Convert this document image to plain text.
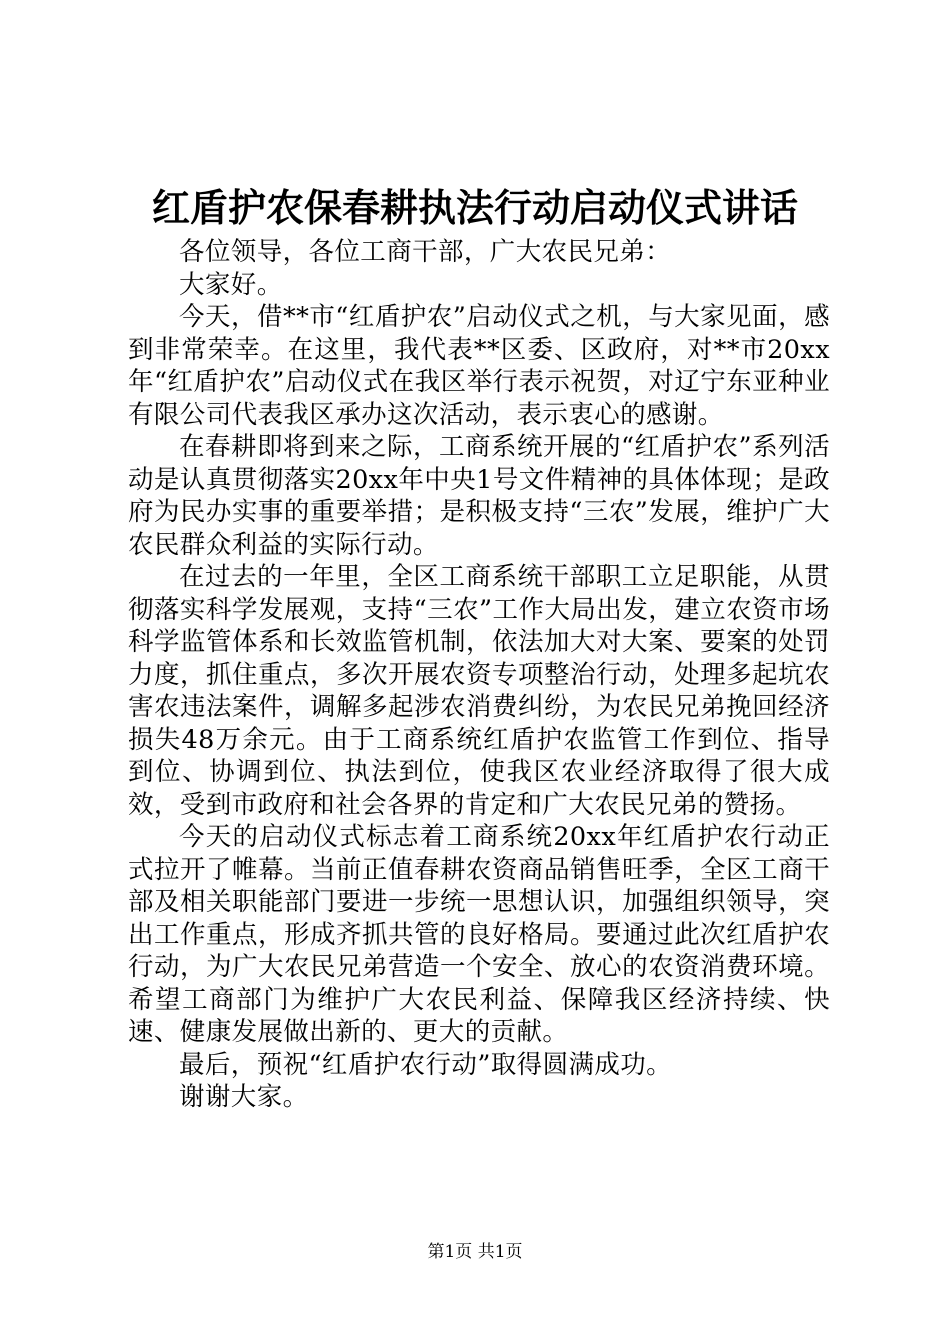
红盾护农保春耕执法行动启动仪式讲话

各位领导，各位工商干部，广大农民兄弟：

大家好。

今天，借**市“红盾护农”启动仪式之机，与大家见面，感到非常荣幸。在这里，我代表**区委、区政府，对**市20xx年“红盾护农”启动仪式在我区举行表示祝贺，对辽宁东亚种业有限公司代表我区承办这次活动，表示衷心的感谢。

在春耕即将到来之际，工商系统开展的“红盾护农”系列活动是认真贯彻落实20xx年中央1号文件精神的具体体现；是政府为民办实事的重要举措；是积极支持“三农”发展，维护广大农民群众利益的实际行动。

在过去的一年里，全区工商系统干部职工立足职能，从贯彻落实科学发展观，支持“三农”工作大局出发，建立农资市场科学监管体系和长效监管机制，依法加大对大案、要案的处罚力度，抓住重点，多次开展农资专项整治行动，处理多起坑农害农违法案件，调解多起涉农消费纠纷，为农民兄弟挽回经济损失48万余元。由于工商系统红盾护农监管工作到位、指导到位、协调到位、执法到位，使我区农业经济取得了很大成效，受到市政府和社会各界的肯定和广大农民兄弟的赞扬。

今天的启动仪式标志着工商系统20xx年红盾护农行动正式拉开了帷幕。当前正值春耕农资商品销售旺季，全区工商干部及相关职能部门要进一步统一思想认识，加强组织领导，突出工作重点，形成齐抓共管的良好格局。要通过此次红盾护农行动，为广大农民兄弟营造一个安全、放心的农资消费环境。希望工商部门为维护广大农民利益、保障我区经济持续、快速、健康发展做出新的、更大的贡献。

最后，预祝“红盾护农行动”取得圆满成功。

谢谢大家。

第1页 共1页
